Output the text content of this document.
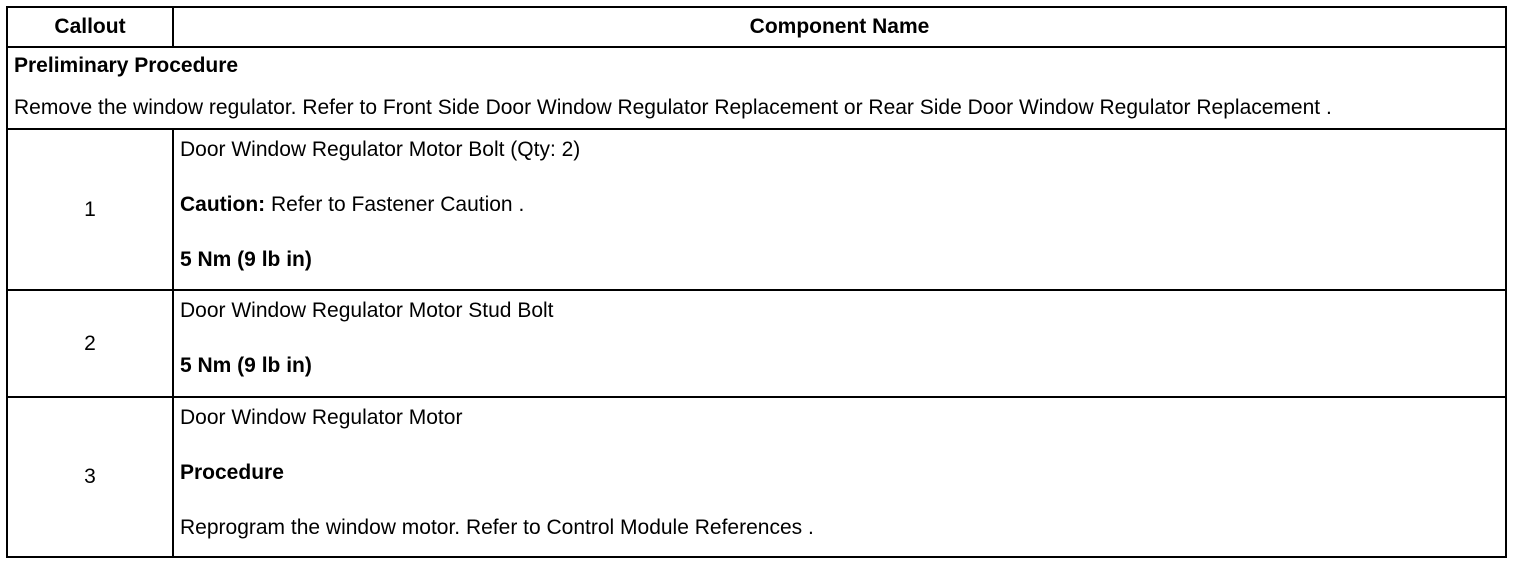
Callout	Component Name

Preliminary Procedure

Remove the window regulator. Refer to Front Side Door Window Regulator Replacement or Rear Side Door Window Regulator Replacement .	

1	Door Window Regulator Motor Bolt (Qty: 2)

Caution: Refer to Fastener Caution .

5 Nm (9 lb in)

2	Door Window Regulator Motor Stud Bolt

5 Nm (9 lb in)

3	Door Window Regulator Motor

Procedure

Reprogram the window motor. Refer to Control Module References .
